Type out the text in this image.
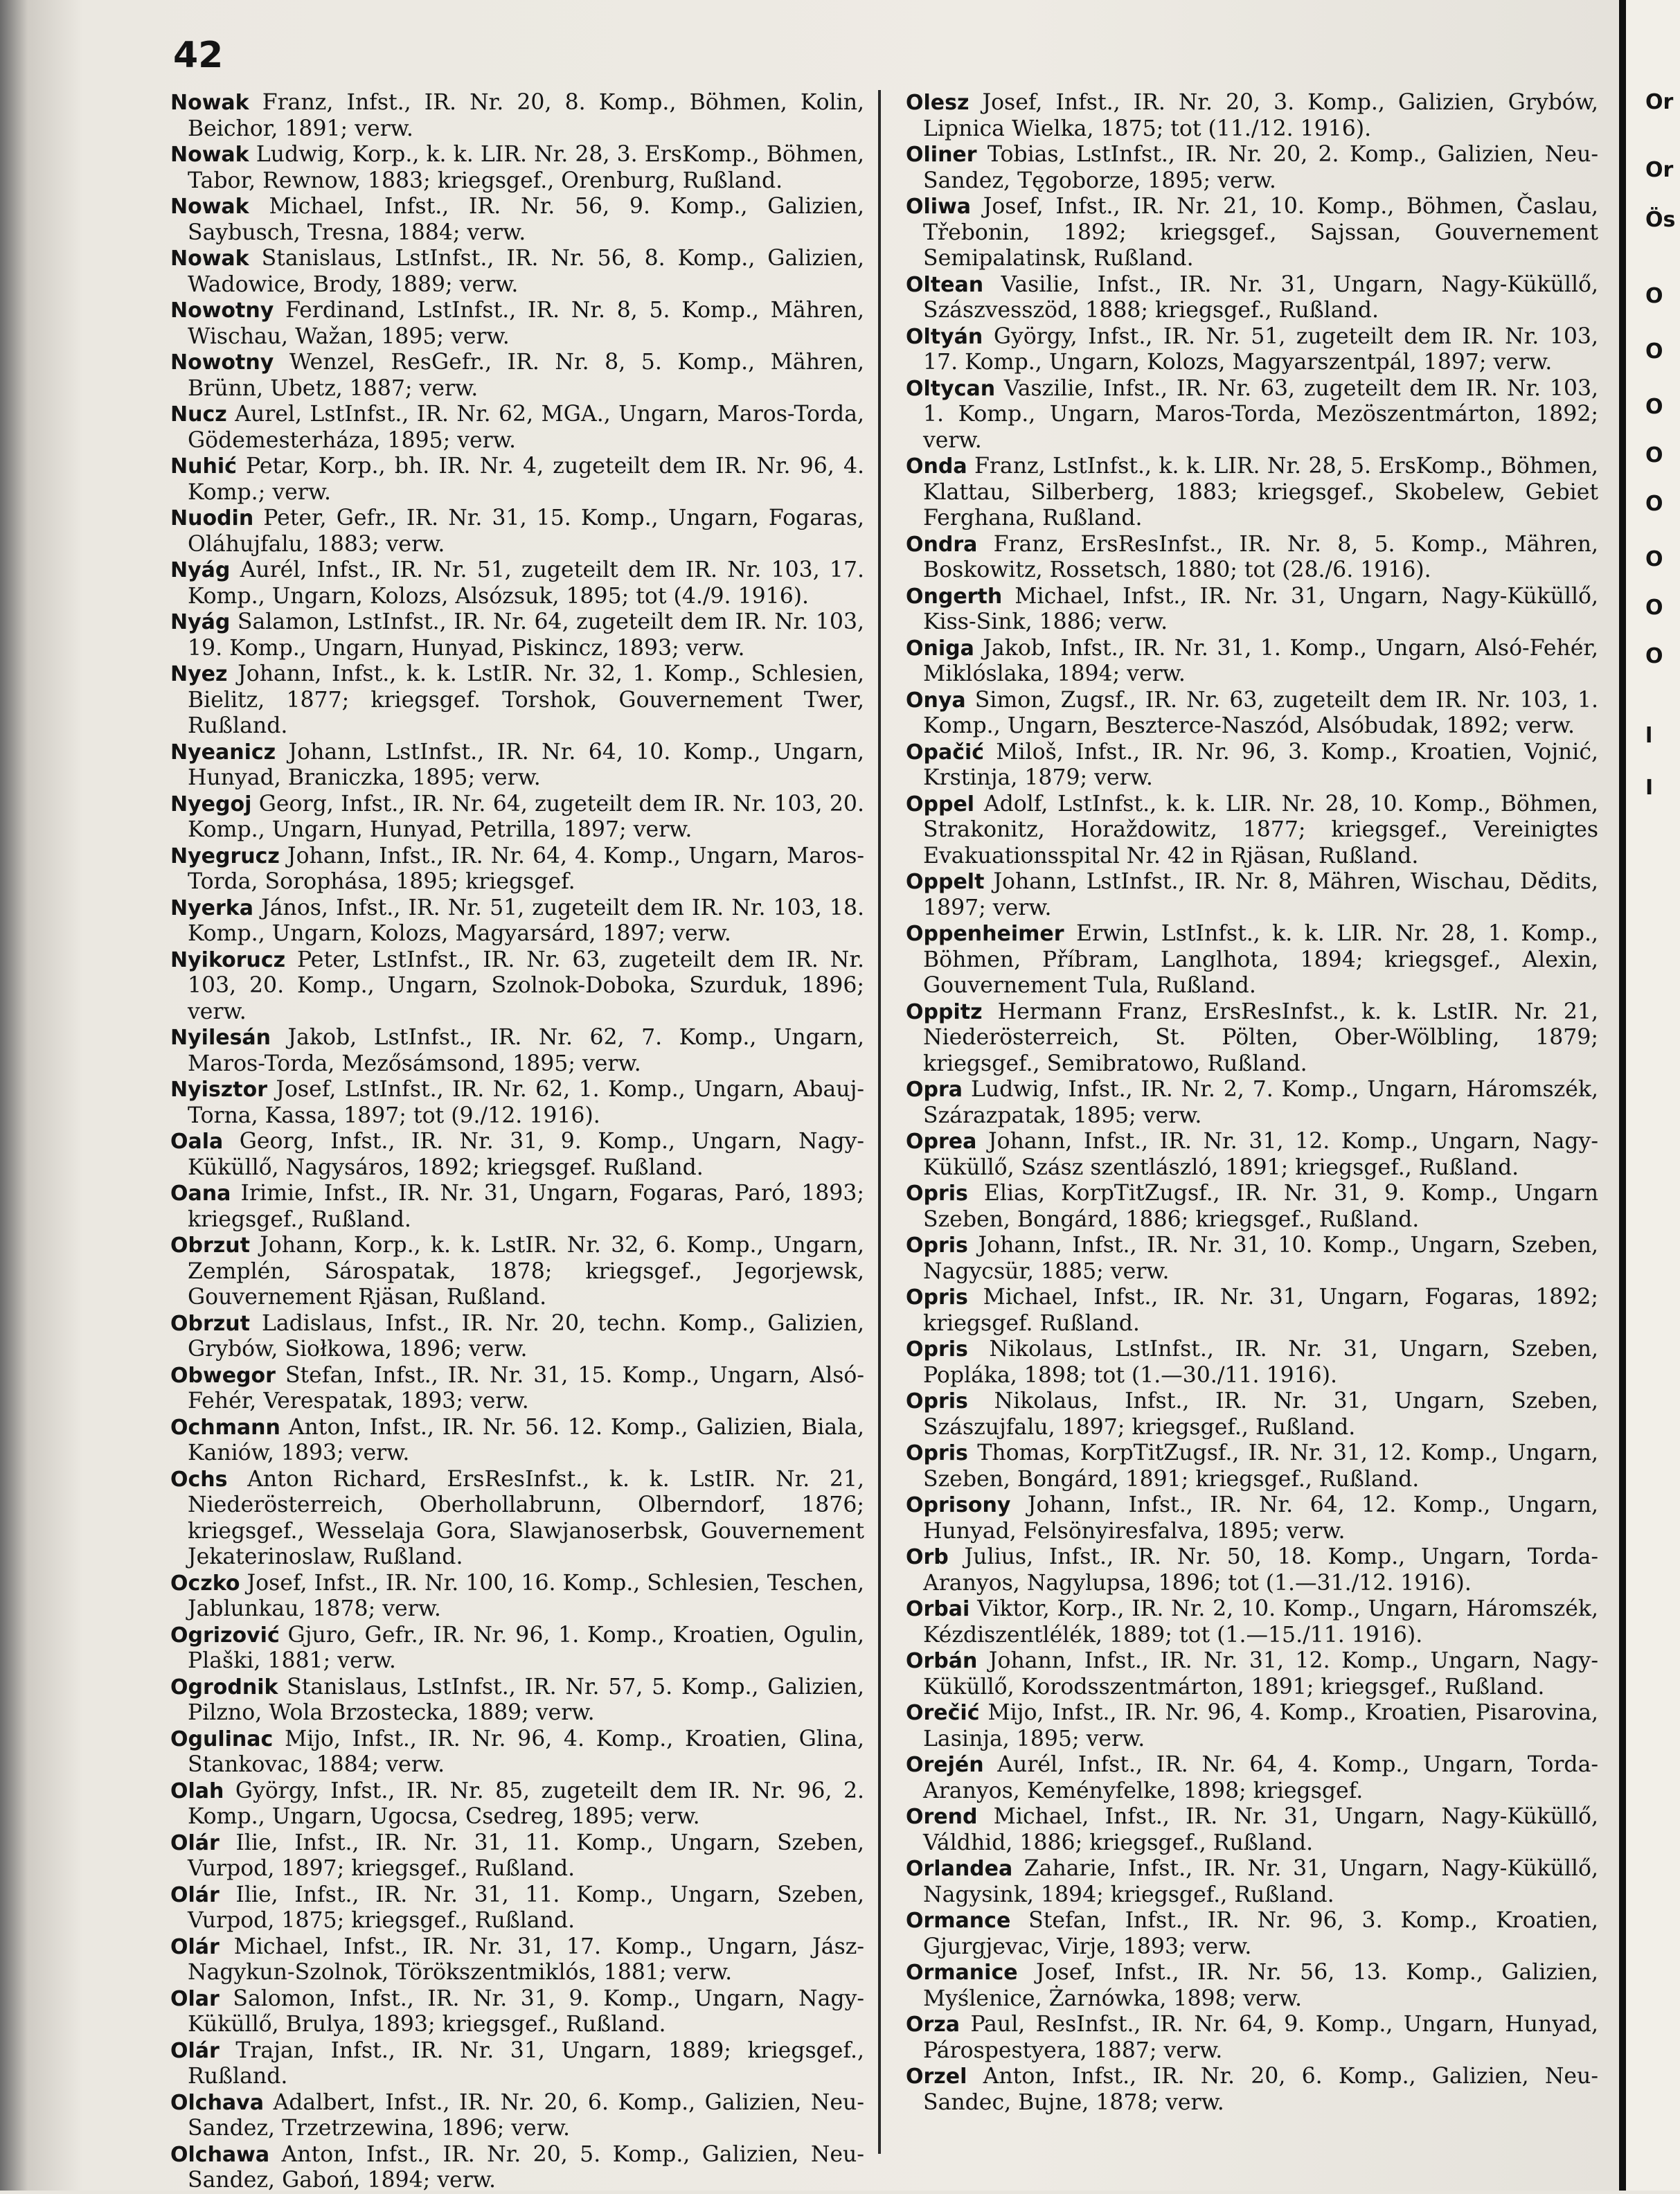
42

Nowak Franz, Infst., IR. Nr. 20, 8. Komp., Böhmen, Kolin, Beichor, 1891; verw.

Nowak Ludwig, Korp., k. k. LIR. Nr. 28, 3. ErsKomp., Böhmen, Tabor, Rewnow, 1883; kriegsgef., Orenburg, Rußland.

Nowak Michael, Infst., IR. Nr. 56, 9. Komp., Galizien, Saybusch, Tresna, 1884; verw.

Nowak Stanislaus, LstInfst., IR. Nr. 56, 8. Komp., Galizien, Wadowice, Brody, 1889; verw.

Nowotny Ferdinand, LstInfst., IR. Nr. 8, 5. Komp., Mähren, Wischau, Wažan, 1895; verw.

Nowotny Wenzel, ResGefr., IR. Nr. 8, 5. Komp., Mähren, Brünn, Ubetz, 1887; verw.

Nucz Aurel, LstInfst., IR. Nr. 62, MGA., Ungarn, Maros-Torda, Gödemesterháza, 1895; verw.

Nuhić Petar, Korp., bh. IR. Nr. 4, zugeteilt dem IR. Nr. 96, 4. Komp.; verw.

Nuodin Peter, Gefr., IR. Nr. 31, 15. Komp., Ungarn, Fogaras, Oláhujfalu, 1883; verw.

Nyág Aurél, Infst., IR. Nr. 51, zugeteilt dem IR. Nr. 103, 17. Komp., Ungarn, Kolozs, Alsózsuk, 1895; tot (4./9. 1916).

Nyág Salamon, LstInfst., IR. Nr. 64, zugeteilt dem IR. Nr. 103, 19. Komp., Ungarn, Hunyad, Piskincz, 1893; verw.

Nyez Johann, Infst., k. k. LstIR. Nr. 32, 1. Komp., Schlesien, Bielitz, 1877; kriegsgef. Torshok, Gouvernement Twer, Rußland.

Nyeanicz Johann, LstInfst., IR. Nr. 64, 10. Komp., Ungarn, Hunyad, Braniczka, 1895; verw.

Nyegoj Georg, Infst., IR. Nr. 64, zugeteilt dem IR. Nr. 103, 20. Komp., Ungarn, Hunyad, Petrilla, 1897; verw.

Nyegrucz Johann, Infst., IR. Nr. 64, 4. Komp., Ungarn, Maros-Torda, Sorophása, 1895; kriegsgef.

Nyerka János, Infst., IR. Nr. 51, zugeteilt dem IR. Nr. 103, 18. Komp., Ungarn, Kolozs, Magyarsárd, 1897; verw.

Nyikorucz Peter, LstInfst., IR. Nr. 63, zugeteilt dem IR. Nr. 103, 20. Komp., Ungarn, Szolnok-Doboka, Szurduk, 1896; verw.

Nyilesán Jakob, LstInfst., IR. Nr. 62, 7. Komp., Ungarn, Maros-Torda, Mezősámsond, 1895; verw.

Nyisztor Josef, LstInfst., IR. Nr. 62, 1. Komp., Ungarn, Abauj-Torna, Kassa, 1897; tot (9./12. 1916).

Oala Georg, Infst., IR. Nr. 31, 9. Komp., Ungarn, Nagy-Küküllő, Nagysáros, 1892; kriegsgef. Rußland.

Oana Irimie, Infst., IR. Nr. 31, Ungarn, Fogaras, Paró, 1893; kriegsgef., Rußland.

Obrzut Johann, Korp., k. k. LstIR. Nr. 32, 6. Komp., Ungarn, Zemplén, Sárospatak, 1878; kriegsgef., Jegorjewsk, Gouvernement Rjäsan, Rußland.

Obrzut Ladislaus, Infst., IR. Nr. 20, techn. Komp., Galizien, Grybów, Siołkowa, 1896; verw.

Obwegor Stefan, Infst., IR. Nr. 31, 15. Komp., Ungarn, Alsó-Fehér, Verespatak, 1893; verw.

Ochmann Anton, Infst., IR. Nr. 56. 12. Komp., Galizien, Biala, Kaniów, 1893; verw.

Ochs Anton Richard, ErsResInfst., k. k. LstIR. Nr. 21, Niederösterreich, Oberhollabrunn, Olberndorf, 1876; kriegsgef., Wesselaja Gora, Slawjanoserbsk, Gouvernement Jekaterinoslaw, Rußland.

Oczko Josef, Infst., IR. Nr. 100, 16. Komp., Schlesien, Teschen, Jablunkau, 1878; verw.

Ogrizović Gjuro, Gefr., IR. Nr. 96, 1. Komp., Kroatien, Ogulin, Plaški, 1881; verw.

Ogrodnik Stanislaus, LstInfst., IR. Nr. 57, 5. Komp., Galizien, Pilzno, Wola Brzostecka, 1889; verw.

Ogulinac Mijo, Infst., IR. Nr. 96, 4. Komp., Kroatien, Glina, Stankovac, 1884; verw.

Olah György, Infst., IR. Nr. 85, zugeteilt dem IR. Nr. 96, 2. Komp., Ungarn, Ugocsa, Csedreg, 1895; verw.

Olár Ilie, Infst., IR. Nr. 31, 11. Komp., Ungarn, Szeben, Vurpod, 1897; kriegsgef., Rußland.

Olár Ilie, Infst., IR. Nr. 31, 11. Komp., Ungarn, Szeben, Vurpod, 1875; kriegsgef., Rußland.

Olár Michael, Infst., IR. Nr. 31, 17. Komp., Ungarn, Jász-Nagykun-Szolnok, Törökszentmiklós, 1881; verw.

Olar Salomon, Infst., IR. Nr. 31, 9. Komp., Ungarn, Nagy-Küküllő, Brulya, 1893; kriegsgef., Rußland.

Olár Trajan, Infst., IR. Nr. 31, Ungarn, 1889; kriegsgef., Rußland.

Olchava Adalbert, Infst., IR. Nr. 20, 6. Komp., Galizien, Neu-Sandez, Trzetrzewina, 1896; verw.

Olchawa Anton, Infst., IR. Nr. 20, 5. Komp., Galizien, Neu-Sandez, Gaboń, 1894; verw.

Olesz Josef, Infst., IR. Nr. 20, 3. Komp., Galizien, Grybów, Lipnica Wielka, 1875; tot (11./12. 1916).

Oliner Tobias, LstInfst., IR. Nr. 20, 2. Komp., Galizien, Neu-Sandez, Tęgoborze, 1895; verw.

Oliwa Josef, Infst., IR. Nr. 21, 10. Komp., Böhmen, Časlau, Třebonin, 1892; kriegsgef., Sajssan, Gouvernement Semipalatinsk, Rußland.

Oltean Vasilie, Infst., IR. Nr. 31, Ungarn, Nagy-Küküllő, Szászvesszöd, 1888; kriegsgef., Rußland.

Oltyán György, Infst., IR. Nr. 51, zugeteilt dem IR. Nr. 103, 17. Komp., Ungarn, Kolozs, Magyarszentpál, 1897; verw.

Oltycan Vaszilie, Infst., IR. Nr. 63, zugeteilt dem IR. Nr. 103, 1. Komp., Ungarn, Maros-Torda, Mezöszentmárton, 1892; verw.

Onda Franz, LstInfst., k. k. LIR. Nr. 28, 5. ErsKomp., Böhmen, Klattau, Silberberg, 1883; kriegsgef., Skobelew, Gebiet Ferghana, Rußland.

Ondra Franz, ErsResInfst., IR. Nr. 8, 5. Komp., Mähren, Boskowitz, Rossetsch, 1880; tot (28./6. 1916).

Ongerth Michael, Infst., IR. Nr. 31, Ungarn, Nagy-Küküllő, Kiss-Sink, 1886; verw.

Oniga Jakob, Infst., IR. Nr. 31, 1. Komp., Ungarn, Alsó-Fehér, Miklóslaka, 1894; verw.

Onya Simon, Zugsf., IR. Nr. 63, zugeteilt dem IR. Nr. 103, 1. Komp., Ungarn, Beszterce-Naszód, Alsóbudak, 1892; verw.

Opačić Miloš, Infst., IR. Nr. 96, 3. Komp., Kroatien, Vojnić, Krstinja, 1879; verw.

Oppel Adolf, LstInfst., k. k. LIR. Nr. 28, 10. Komp., Böhmen, Strakonitz, Horaždowitz, 1877; kriegsgef., Vereinigtes Evakuationsspital Nr. 42 in Rjäsan, Rußland.

Oppelt Johann, LstInfst., IR. Nr. 8, Mähren, Wischau, Dĕdits, 1897; verw.

Oppenheimer Erwin, LstInfst., k. k. LIR. Nr. 28, 1. Komp., Böhmen, Příbram, Langlhota, 1894; kriegsgef., Alexin, Gouvernement Tula, Rußland.

Oppitz Hermann Franz, ErsResInfst., k. k. LstIR. Nr. 21, Niederösterreich, St. Pölten, Ober-Wölbling, 1879; kriegsgef., Semibratowo, Rußland.

Opra Ludwig, Infst., IR. Nr. 2, 7. Komp., Ungarn, Háromszék, Szárazpatak, 1895; verw.

Oprea Johann, Infst., IR. Nr. 31, 12. Komp., Ungarn, Nagy-Küküllő, Szász szentlászló, 1891; kriegsgef., Rußland.

Opris Elias, KorpTitZugsf., IR. Nr. 31, 9. Komp., Ungarn Szeben, Bongárd, 1886; kriegsgef., Rußland.

Opris Johann, Infst., IR. Nr. 31, 10. Komp., Ungarn, Szeben, Nagycsür, 1885; verw.

Opris Michael, Infst., IR. Nr. 31, Ungarn, Fogaras, 1892; kriegsgef. Rußland.

Opris Nikolaus, LstInfst., IR. Nr. 31, Ungarn, Szeben, Popláka, 1898; tot (1.—30./11. 1916).

Opris Nikolaus, Infst., IR. Nr. 31, Ungarn, Szeben, Szászujfalu, 1897; kriegsgef., Rußland.

Opris Thomas, KorpTitZugsf., IR. Nr. 31, 12. Komp., Ungarn, Szeben, Bongárd, 1891; kriegsgef., Rußland.

Oprisony Johann, Infst., IR. Nr. 64, 12. Komp., Ungarn, Hunyad, Felsönyiresfalva, 1895; verw.

Orb Julius, Infst., IR. Nr. 50, 18. Komp., Ungarn, Torda-Aranyos, Nagylupsa, 1896; tot (1.—31./12. 1916).

Orbai Viktor, Korp., IR. Nr. 2, 10. Komp., Ungarn, Háromszék, Kézdiszentlélék, 1889; tot (1.—15./11. 1916).

Orbán Johann, Infst., IR. Nr. 31, 12. Komp., Ungarn, Nagy-Küküllő, Korodsszentmárton, 1891; kriegsgef., Rußland.

Orečić Mijo, Infst., IR. Nr. 96, 4. Komp., Kroatien, Pisarovina, Lasinja, 1895; verw.

Orején Aurél, Infst., IR. Nr. 64, 4. Komp., Ungarn, Torda-Aranyos, Keményfelke, 1898; kriegsgef.

Orend Michael, Infst., IR. Nr. 31, Ungarn, Nagy-Küküllő, Váldhid, 1886; kriegsgef., Rußland.

Orlandea Zaharie, Infst., IR. Nr. 31, Ungarn, Nagy-Küküllő, Nagysink, 1894; kriegsgef., Rußland.

Ormance Stefan, Infst., IR. Nr. 96, 3. Komp., Kroatien, Gjurgjevac, Virje, 1893; verw.

Ormanice Josef, Infst., IR. Nr. 56, 13. Komp., Galizien, Myślenice, Żarnówka, 1898; verw.

Orza Paul, ResInfst., IR. Nr. 64, 9. Komp., Ungarn, Hunyad, Párospestyera, 1887; verw.

Orzel Anton, Infst., IR. Nr. 20, 6. Komp., Galizien, Neu-Sandec, Bujne, 1878; verw.

Or
Or
Ös
O
O
O
O
O
O
O
O
l
I
